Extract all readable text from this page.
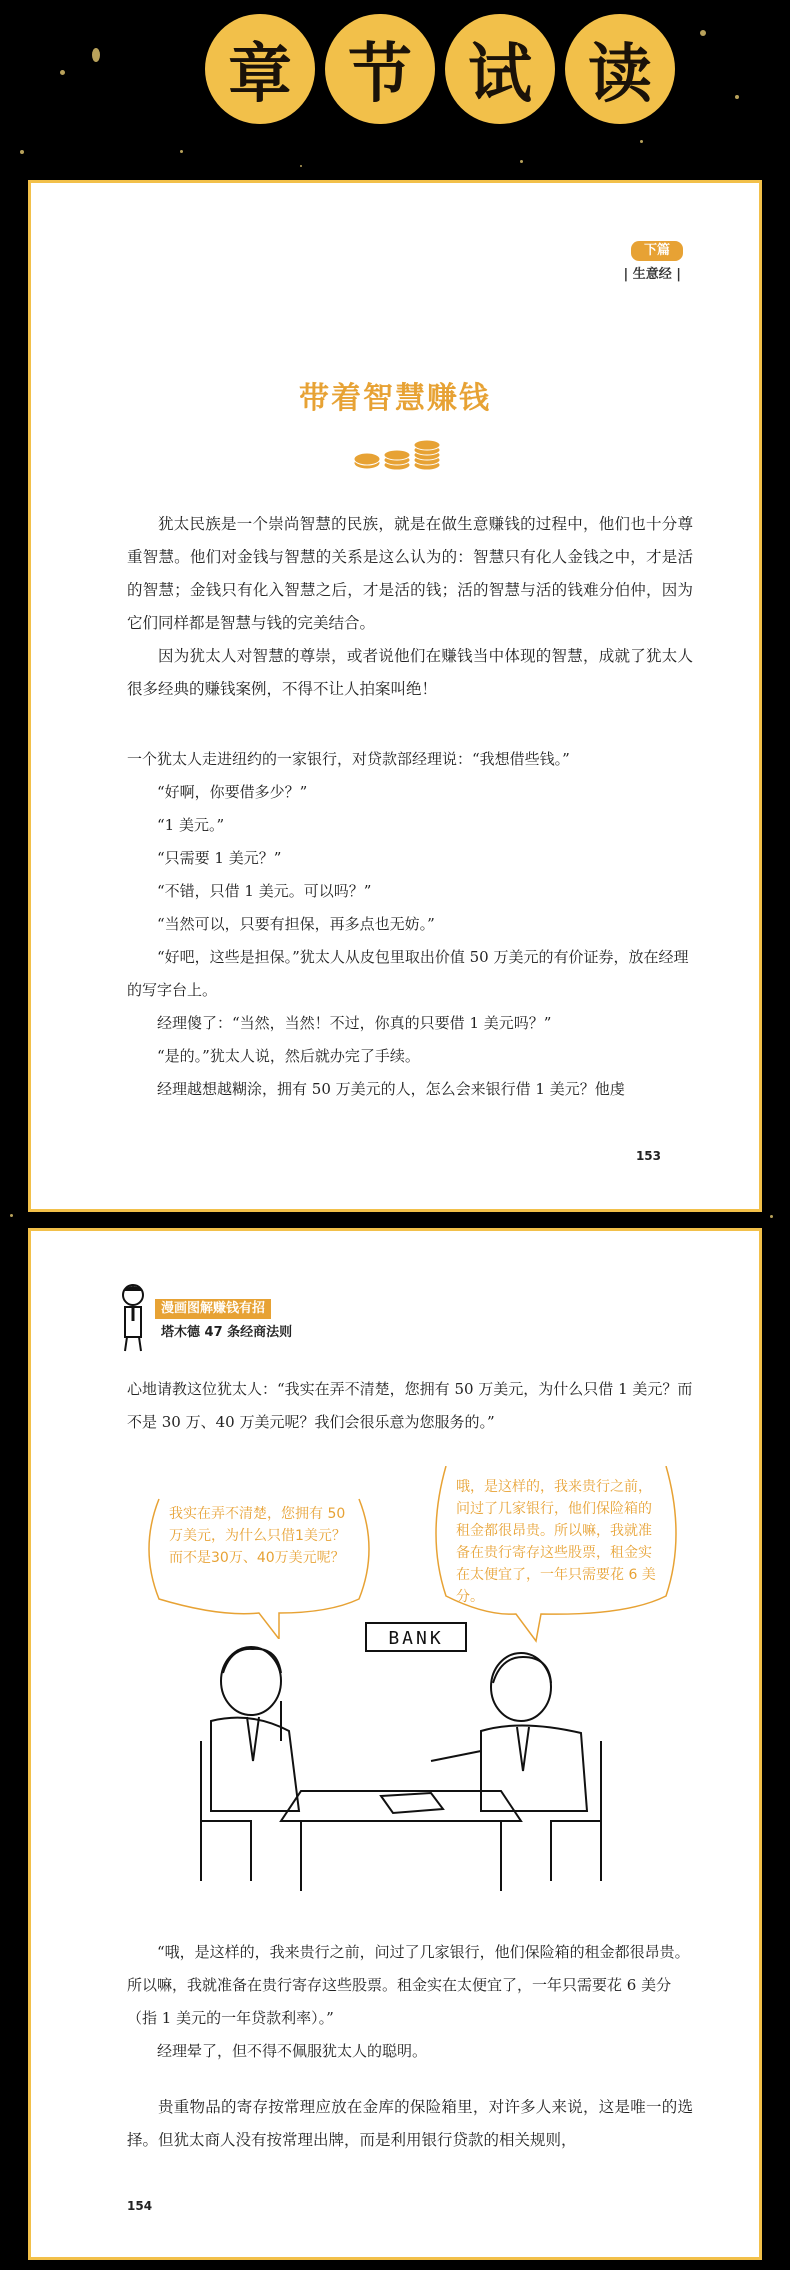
章 节 试 读
下篇
| 生意经 |
带着智慧赚钱

犹太民族是一个崇尚智慧的民族，就是在做生意赚钱的过程中，他们也十分尊重智慧。他们对金钱与智慧的关系是这么认为的：智慧只有化人金钱之中，才是活的智慧；金钱只有化入智慧之后，才是活的钱；活的智慧与活的钱难分伯仲，因为它们同样都是智慧与钱的完美结合。

因为犹太人对智慧的尊崇，或者说他们在赚钱当中体现的智慧，成就了犹太人很多经典的赚钱案例，不得不让人拍案叫绝！

一个犹太人走进纽约的一家银行，对贷款部经理说：“我想借些钱。”

“好啊，你要借多少？”

“1 美元。”

“只需要 1 美元？”

“不错，只借 1 美元。可以吗？”

“当然可以，只要有担保，再多点也无妨。”

“好吧，这些是担保。”犹太人从皮包里取出价值 50 万美元的有价证券，放在经理的写字台上。

经理傻了：“当然，当然！不过，你真的只要借 1 美元吗？”

“是的。”犹太人说，然后就办完了手续。

经理越想越糊涂，拥有 50 万美元的人，怎么会来银行借 1 美元？他虔

153
漫画图解赚钱有招
塔木德 47 条经商法则

心地请教这位犹太人：“我实在弄不清楚，您拥有 50 万美元，为什么只借 1 美元？而不是 30 万、40 万美元呢？我们会很乐意为您服务的。”

我实在弄不清楚，您拥有 50 万美元，为什么只借1美元？而不是30万、40万美元呢？
哦，是这样的，我来贵行之前，问过了几家银行，他们保险箱的租金都很昂贵。所以嘛，我就准备在贵行寄存这些股票，租金实在太便宜了，一年只需要花 6 美分。
BANK

“哦，是这样的，我来贵行之前，问过了几家银行，他们保险箱的租金都很昂贵。所以嘛，我就准备在贵行寄存这些股票。租金实在太便宜了，一年只需要花 6 美分（指 1 美元的一年贷款利率）。”

经理晕了，但不得不佩服犹太人的聪明。

贵重物品的寄存按常理应放在金库的保险箱里，对许多人来说，这是唯一的选择。但犹太商人没有按常理出牌，而是利用银行贷款的相关规则，

154
